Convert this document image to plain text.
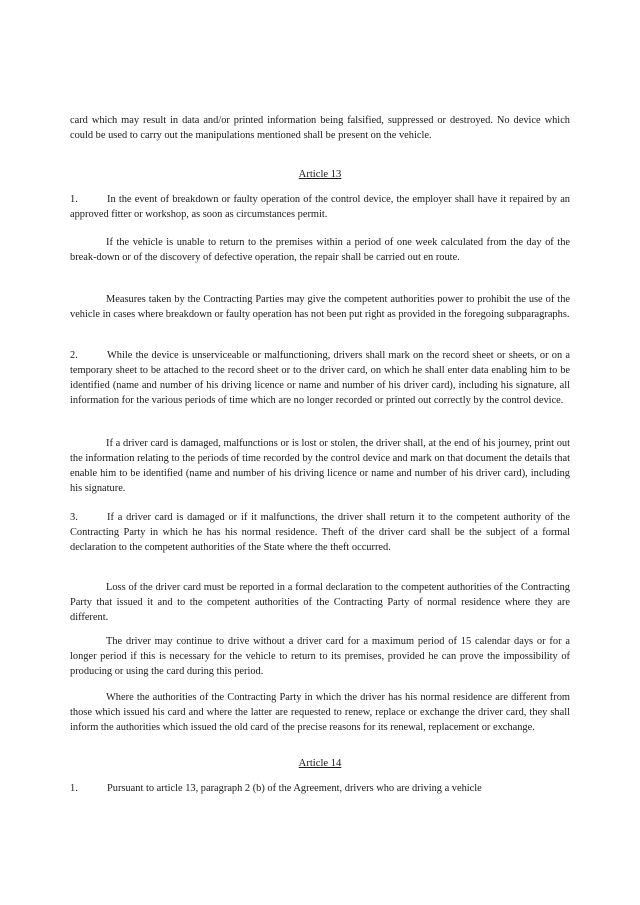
card which may result in data and/or printed information being falsified, suppressed or destroyed. No device which could be used to carry out the manipulations mentioned shall be present on the vehicle.

Article 13

1.	In the event of breakdown or faulty operation of the control device, the employer shall have it repaired by an approved fitter or workshop, as soon as circumstances permit.

If the vehicle is unable to return to the premises within a period of one week calculated from the day of the break-down or of the discovery of defective operation, the repair shall be carried out en route.

Measures taken by the Contracting Parties may give the competent authorities power to prohibit the use of the vehicle in cases where breakdown or faulty operation has not been put right as provided in the foregoing subparagraphs.

2.	While the device is unserviceable or malfunctioning, drivers shall mark on the record sheet or sheets, or on a temporary sheet to be attached to the record sheet or to the driver card, on which he shall enter data enabling him to be identified (name and number of his driving licence or name and number of his driver card), including his signature, all information for the various periods of time which are no longer recorded or printed out correctly by the control device.

If a driver card is damaged, malfunctions or is lost or stolen, the driver shall, at the end of his journey, print out the information relating to the periods of time recorded by the control device and mark on that document the details that enable him to be identified (name and number of his driving licence or name and number of his driver card), including his signature.

3.	If a driver card is damaged or if it malfunctions, the driver shall return it to the competent authority of the Contracting Party in which he has his normal residence. Theft of the driver card shall be the subject of a formal declaration to the competent authorities of the State where the theft occurred.

Loss of the driver card must be reported in a formal declaration to the competent authorities of the Contracting Party that issued it and to the competent authorities of the Contracting Party of normal residence where they are different.

The driver may continue to drive without a driver card for a maximum period of 15 calendar days or for a longer period if this is necessary for the vehicle to return to its premises, provided he can prove the impossibility of producing or using the card during this period.

Where the authorities of the Contracting Party in which the driver has his normal residence are different from those which issued his card and where the latter are requested to renew, replace or exchange the driver card, they shall inform the authorities which issued the old card of the precise reasons for its renewal, replacement or exchange.

Article 14

1.	Pursuant to article 13, paragraph 2 (b) of the Agreement, drivers who are driving a vehicle
